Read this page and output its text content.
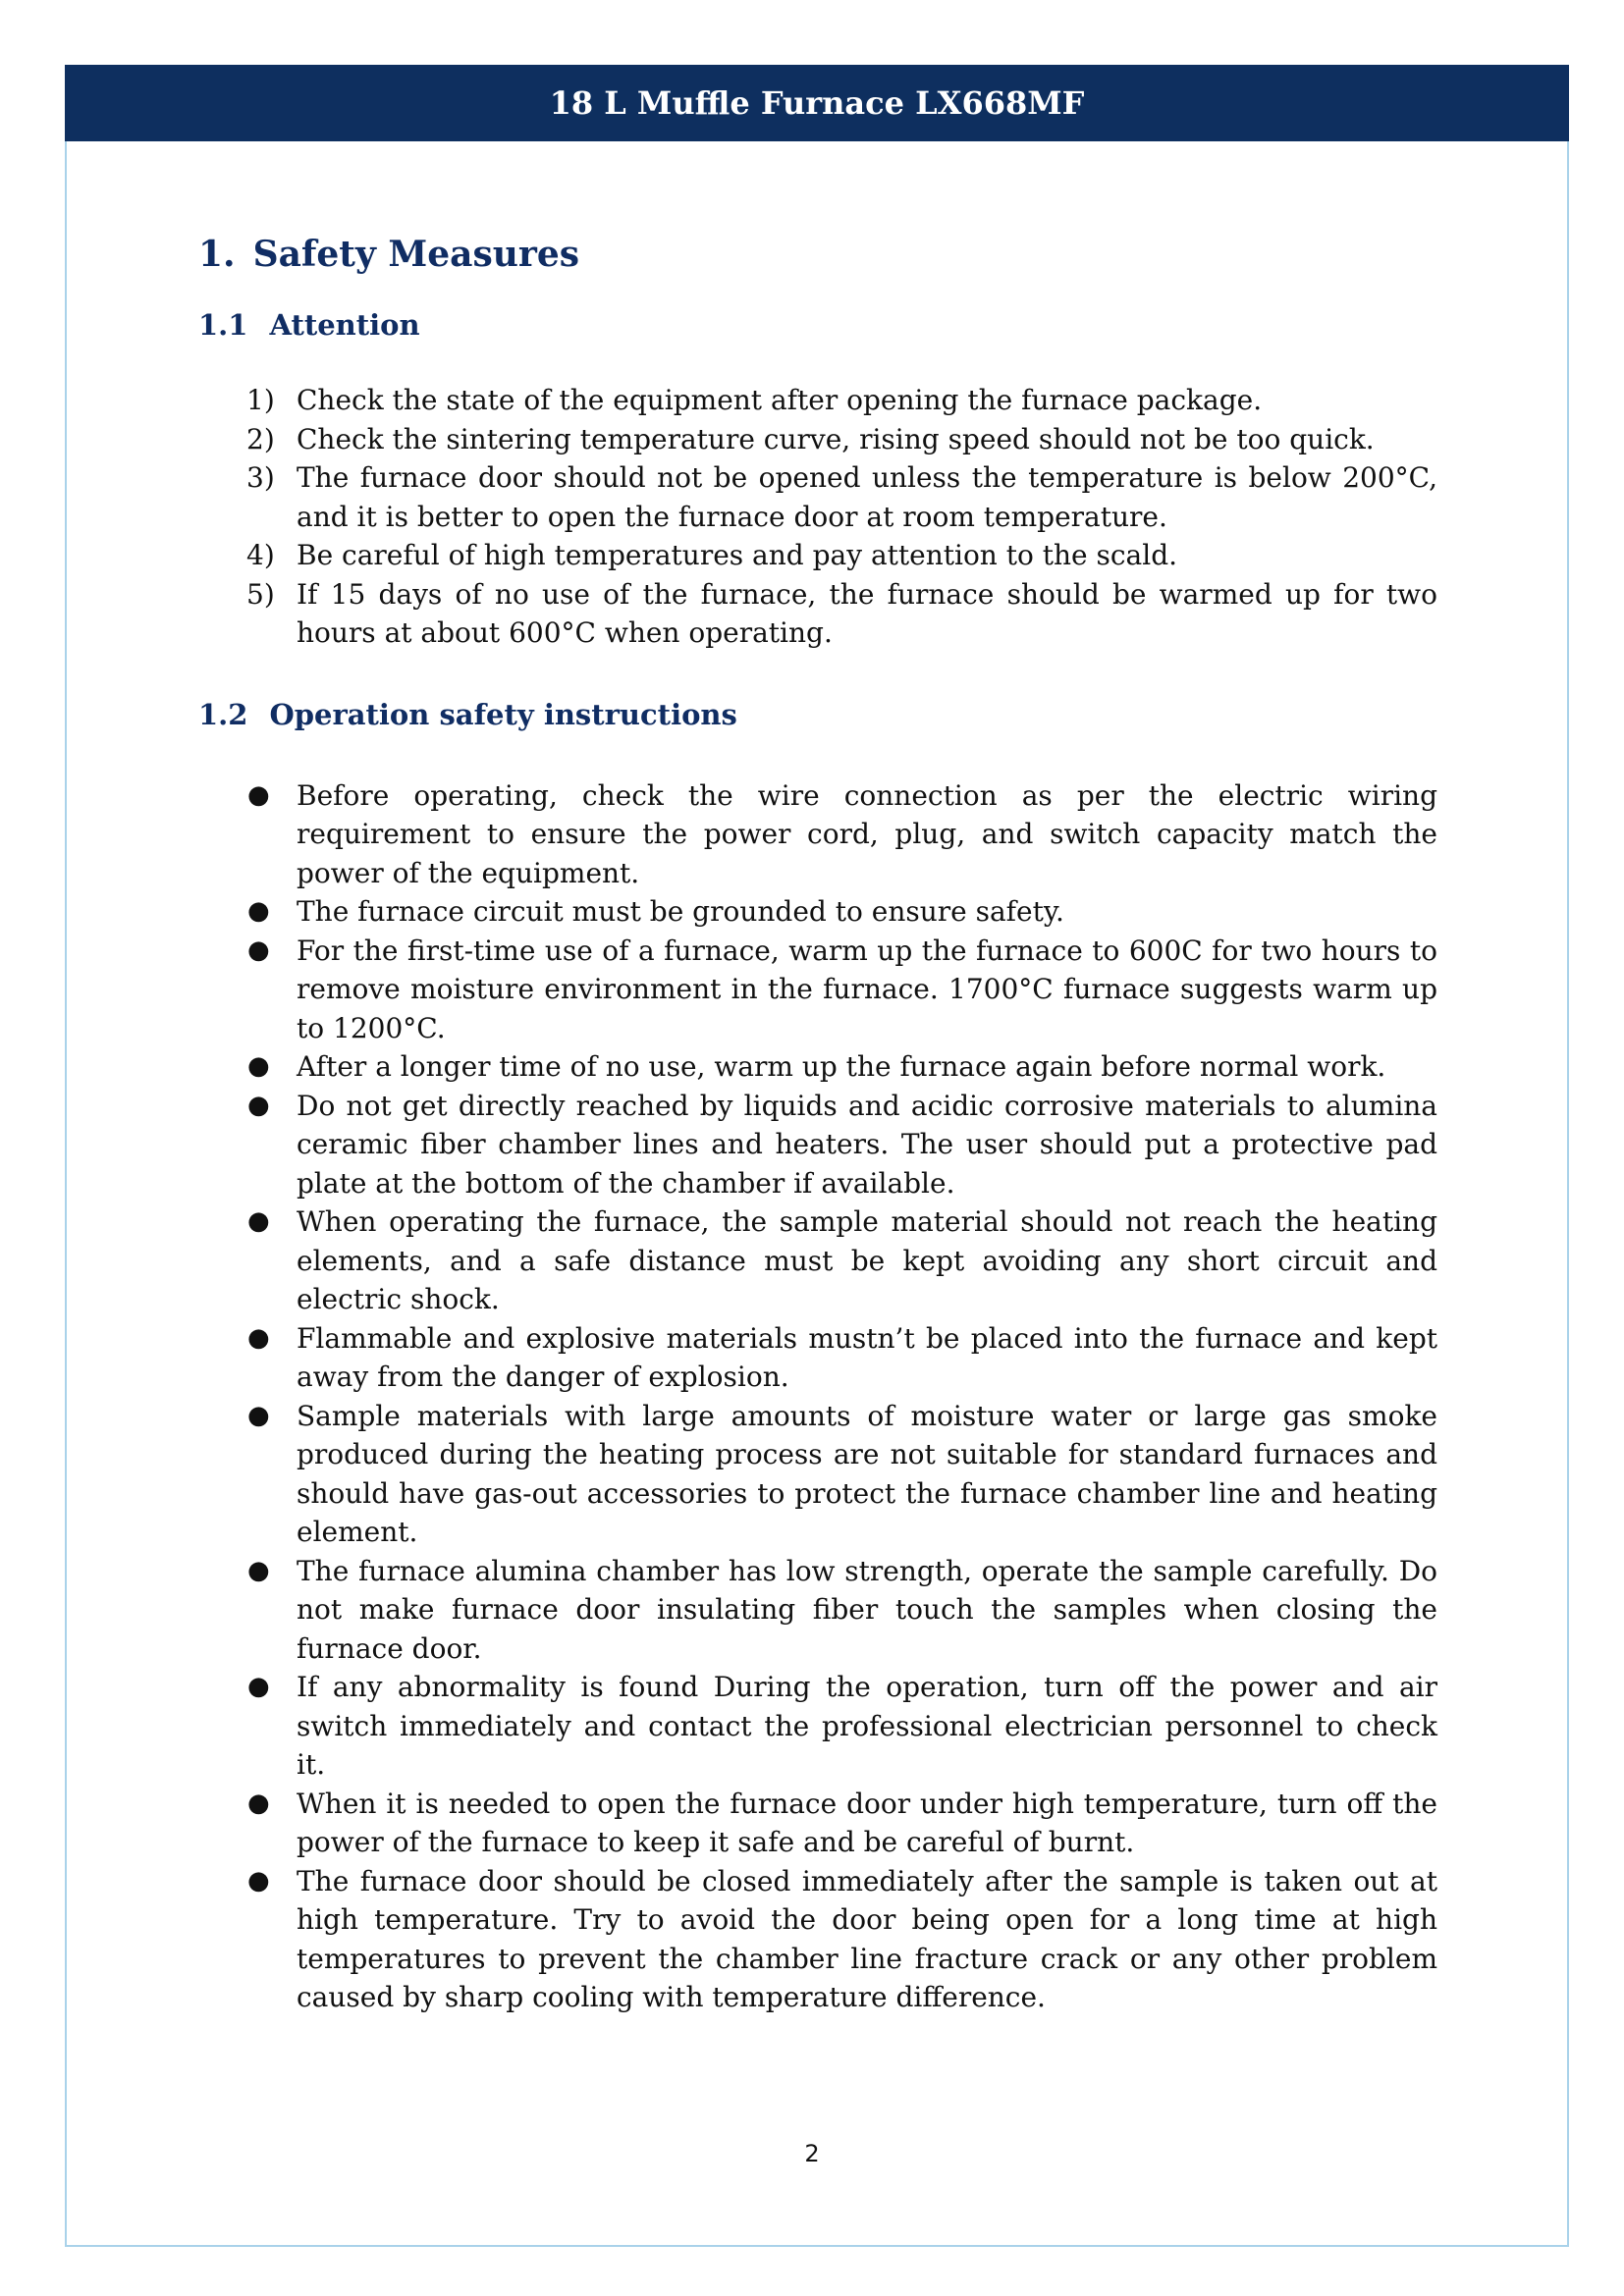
18 L Muffle Furnace LX668MF
1. Safety Measures
1.1 Attention
1) Check the state of the equipment after opening the furnace package.
2) Check the sintering temperature curve, rising speed should not be too quick.
3) The furnace door should not be opened unless the temperature is below 200°C, and it is better to open the furnace door at room temperature.
4) Be careful of high temperatures and pay attention to the scald.
5) If 15 days of no use of the furnace, the furnace should be warmed up for two hours at about 600°C when operating.
1.2 Operation safety instructions
● Before operating, check the wire connection as per the electric wiring requirement to ensure the power cord, plug, and switch capacity match the power of the equipment.
● The furnace circuit must be grounded to ensure safety.
● For the first-time use of a furnace, warm up the furnace to 600C for two hours to remove moisture environment in the furnace. 1700°C furnace suggests warm up to 1200°C.
● After a longer time of no use, warm up the furnace again before normal work.
● Do not get directly reached by liquids and acidic corrosive materials to alumina ceramic fiber chamber lines and heaters. The user should put a protective pad plate at the bottom of the chamber if available.
● When operating the furnace, the sample material should not reach the heating elements, and a safe distance must be kept avoiding any short circuit and electric shock.
● Flammable and explosive materials mustn’t be placed into the furnace and kept away from the danger of explosion.
● Sample materials with large amounts of moisture water or large gas smoke produced during the heating process are not suitable for standard furnaces and should have gas-out accessories to protect the furnace chamber line and heating element.
● The furnace alumina chamber has low strength, operate the sample carefully. Do not make furnace door insulating fiber touch the samples when closing the furnace door.
● If any abnormality is found During the operation, turn off the power and air switch immediately and contact the professional electrician personnel to check it.
● When it is needed to open the furnace door under high temperature, turn off the power of the furnace to keep it safe and be careful of burnt.
● The furnace door should be closed immediately after the sample is taken out at high temperature. Try to avoid the door being open for a long time at high temperatures to prevent the chamber line fracture crack or any other problem caused by sharp cooling with temperature difference.
2
